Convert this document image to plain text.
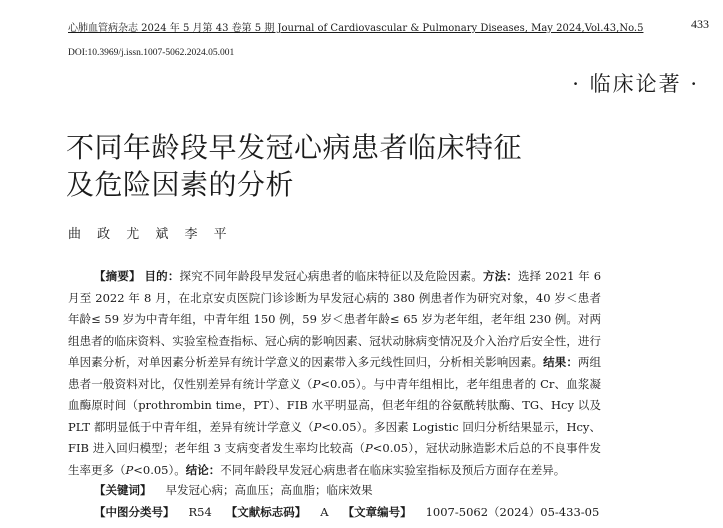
心肺血管病杂志 2024 年 5 月第 43 卷第 5 期 Journal of Cardiovascular & Pulmonary Diseases, May 2024,Vol.43,No.5	433
DOI:10.3969/j.issn.1007-5062.2024.05.001
· 临床论著 ·
不同年龄段早发冠心病患者临床特征
及危险因素的分析
曲 政 尤 斌 李 平

【摘要】 目的：探究不同年龄段早发冠心病患者的临床特征以及危险因素。方法：选择 2021 年 6 月至 2022 年 8 月，在北京安贞医院门诊诊断为早发冠心病的 380 例患者作为研究对象，40 岁＜患者年龄≤ 59 岁为中青年组，中青年组 150 例，59 岁＜患者年龄≤ 65 岁为老年组，老年组 230 例。对两组患者的临床资料、实验室检查指标、冠心病的影响因素、冠状动脉病变情况及介入治疗后安全性，进行单因素分析，对单因素分析差异有统计学意义的因素带入多元线性回归，分析相关影响因素。结果：两组患者一般资料对比，仅性别差异有统计学意义（P<0.05）。与中青年组相比，老年组患者的 Cr、血浆凝血酶原时间（prothrombin time，PT）、FIB 水平明显高，但老年组的谷氨酰转肽酶、TG、Hcy 以及 PLT 都明显低于中青年组，差异有统计学意义（P<0.05）。多因素 Logistic 回归分析结果显示，Hcy、FIB 进入回归模型；老年组 3 支病变者发生率均比较高（P<0.05），冠状动脉造影术后总的不良事件发生率更多（P<0.05）。结论：不同年龄段早发冠心病患者在临床实验室指标及预后方面存在差异。

【关键词】 早发冠心病；高血压；高血脂；临床效果
【中图分类号】 R54 【文献标志码】 A 【文章编号】 1007-5062（2024）05-433-05
